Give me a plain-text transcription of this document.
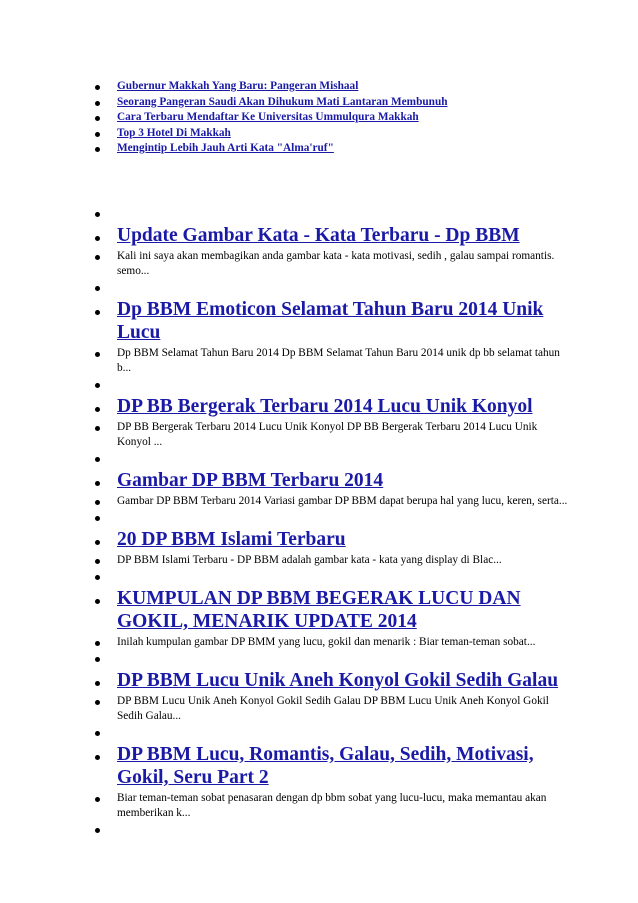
Gubernur Makkah Yang Baru: Pangeran Mishaal
Seorang Pangeran Saudi Akan Dihukum Mati Lantaran Membunuh
Cara Terbaru Mendaftar Ke Universitas Ummulqura Makkah
Top 3 Hotel Di Makkah
Mengintip Lebih Jauh Arti Kata "Alma'ruf"
Update Gambar Kata - Kata Terbaru - Dp BBM
Kali ini saya akan membagikan anda gambar kata - kata motivasi, sedih , galau sampai romantis. semo...
Dp BBM Emoticon Selamat Tahun Baru 2014 Unik Lucu
Dp BBM Selamat Tahun Baru 2014 Dp BBM Selamat Tahun Baru 2014 unik dp bb selamat tahun b...
DP BB Bergerak Terbaru 2014 Lucu Unik Konyol
DP BB Bergerak Terbaru 2014 Lucu Unik Konyol DP BB Bergerak Terbaru 2014 Lucu Unik Konyol ...
Gambar DP BBM Terbaru 2014
Gambar DP BBM Terbaru 2014 Variasi gambar DP BBM dapat berupa hal yang lucu, keren, serta...
20 DP BBM Islami Terbaru
DP BBM Islami Terbaru - DP BBM adalah gambar kata - kata yang display di Blac...
KUMPULAN DP BBM BEGERAK LUCU DAN GOKIL, MENARIK UPDATE 2014
Inilah kumpulan gambar DP BMM yang lucu, gokil dan menarik : Biar teman-teman sobat...
DP BBM Lucu Unik Aneh Konyol Gokil Sedih Galau
DP BBM Lucu Unik Aneh Konyol Gokil Sedih Galau DP BBM Lucu Unik Aneh Konyol Gokil Sedih Galau...
DP BBM Lucu, Romantis, Galau, Sedih, Motivasi, Gokil, Seru Part 2
Biar teman-teman sobat penasaran dengan dp bbm sobat yang lucu-lucu, maka memantau akan memberikan k...
